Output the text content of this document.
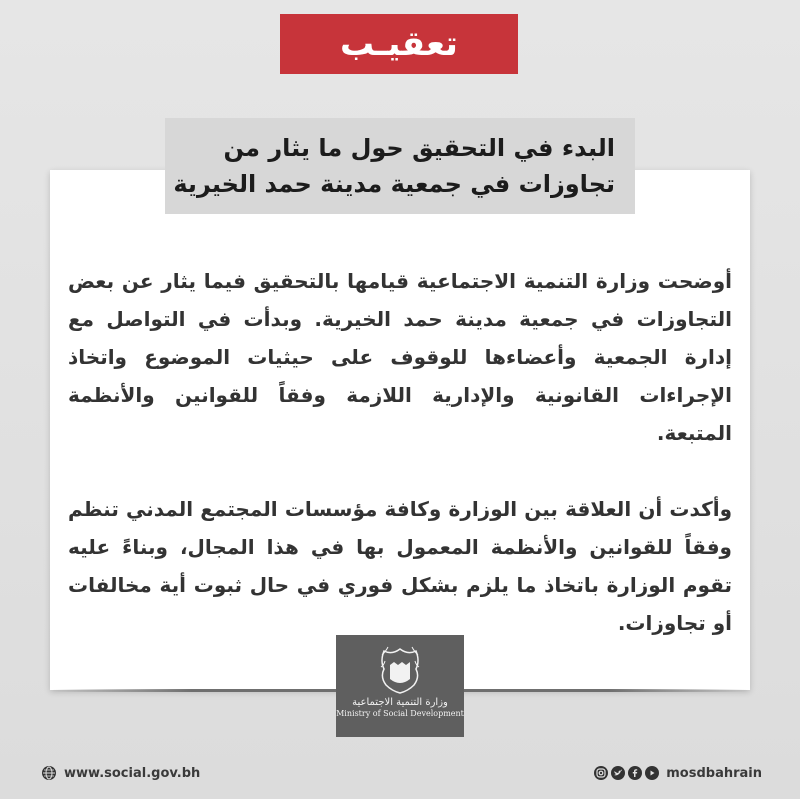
تعقيـب
البدء في التحقيق حول ما يثار من
تجاوزات في جمعية مدينة حمد الخيرية

أوضحت وزارة التنمية الاجتماعية قيامها بالتحقيق فيما يثار عن بعض التجاوزات في جمعية مدينة حمد الخيرية. وبدأت في التواصل مع إدارة الجمعية وأعضاءها للوقوف على حيثيات الموضوع واتخاذ الإجراءات القانونية والإدارية اللازمة وفقاً للقوانين والأنظمة المتبعة.

وأكدت أن العلاقة بين الوزارة وكافة مؤسسات المجتمع المدني تنظم وفقاً للقوانين والأنظمة المعمول بها في هذا المجال، وبناءً عليه تقوم الوزارة باتخاذ ما يلزم بشكل فوري في حال ثبوت أية مخالفات أو تجاوزات.

وزارة التنمية الاجتماعية
Ministry of Social Development
www.social.gov.bh	mosdbahrain
